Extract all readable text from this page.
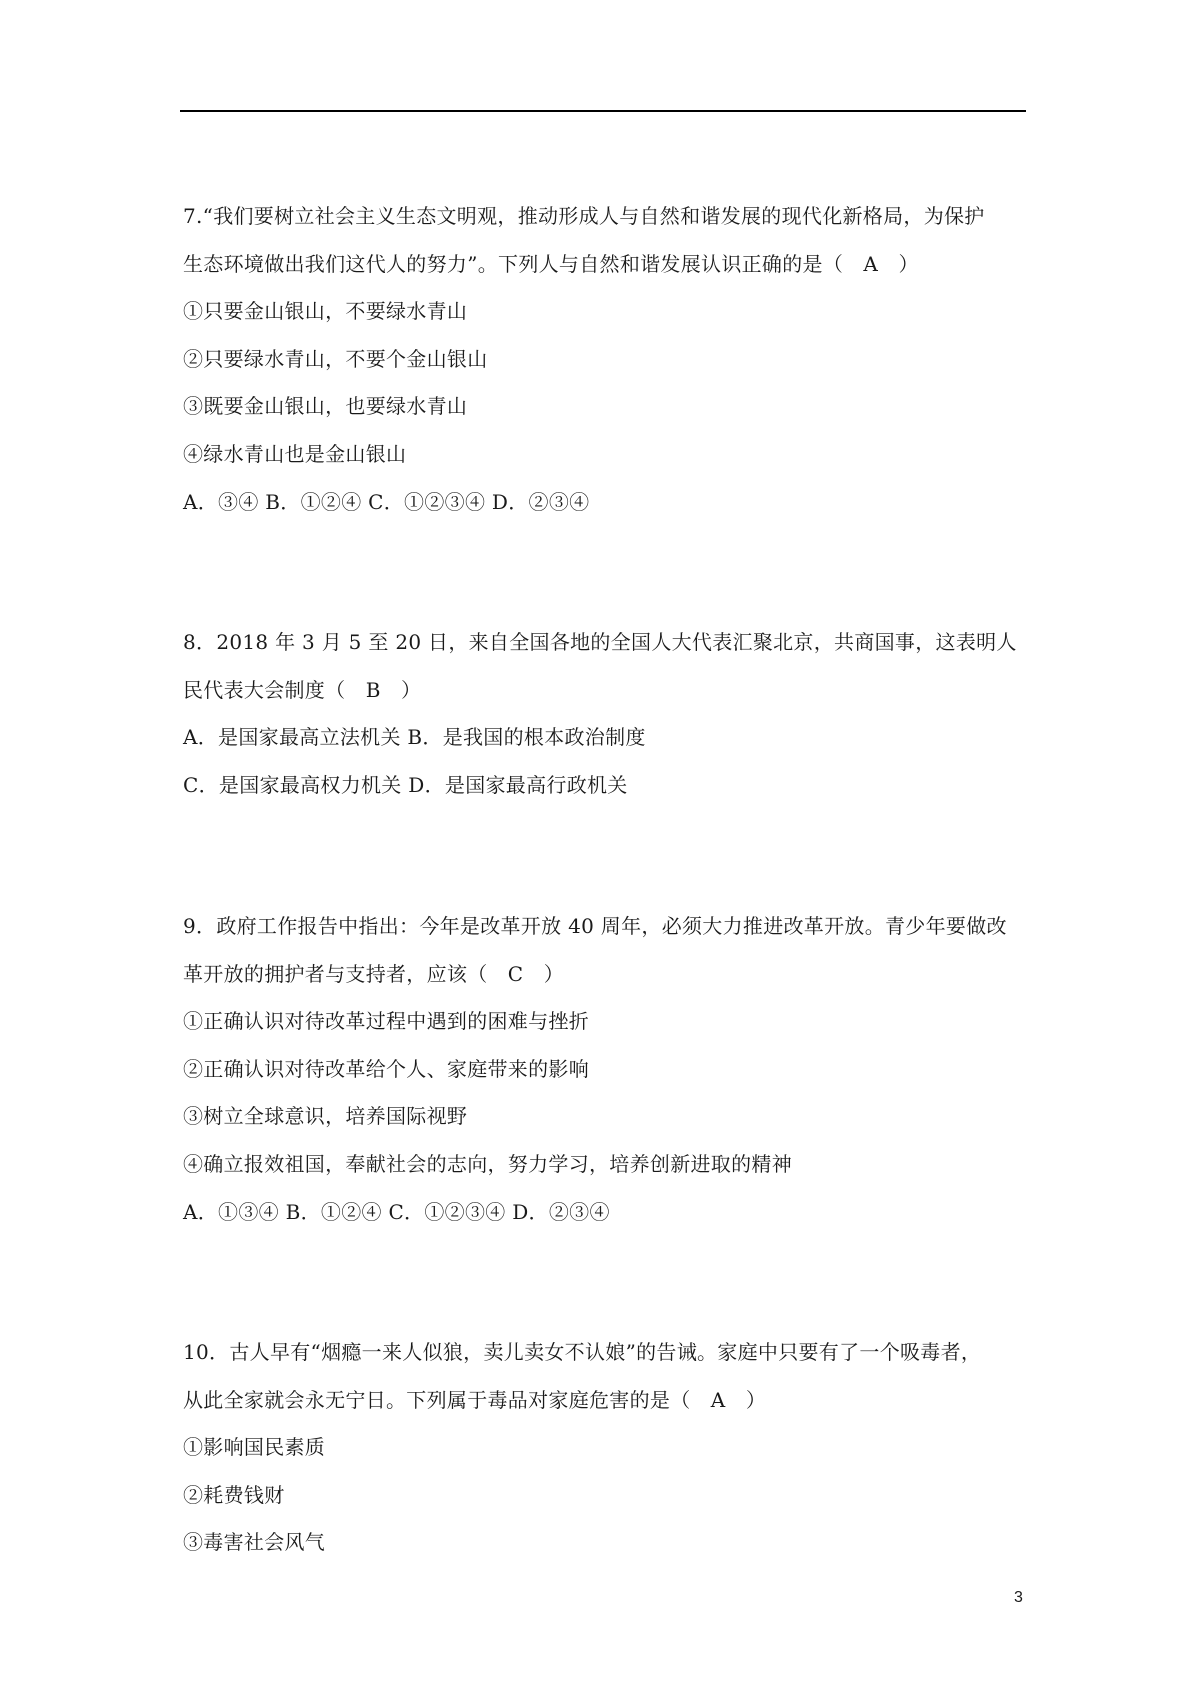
7.“我们要树立社会主义生态文明观，推动形成人与自然和谐发展的现代化新格局，为保护
生态环境做出我们这代人的努力”。下列人与自然和谐发展认识正确的是（　A　）
①只要金山银山，不要绿水青山
②只要绿水青山，不要个金山银山
③既要金山银山，也要绿水青山
④绿水青山也是金山银山
A．③④ B．①②④ C．①②③④ D．②③④
8．2018 年 3 月 5 至 20 日，来自全国各地的全国人大代表汇聚北京，共商国事，这表明人
民代表大会制度（　B　）
A．是国家最高立法机关 B．是我国的根本政治制度
C．是国家最高权力机关 D．是国家最高行政机关
9．政府工作报告中指出：今年是改革开放 40 周年，必须大力推进改革开放。青少年要做改
革开放的拥护者与支持者，应该（　C　）
①正确认识对待改革过程中遇到的困难与挫折
②正确认识对待改革给个人、家庭带来的影响
③树立全球意识，培养国际视野
④确立报效祖国，奉献社会的志向，努力学习，培养创新进取的精神
A．①③④ B．①②④ C．①②③④ D．②③④
10．古人早有“烟瘾一来人似狼，卖儿卖女不认娘”的告诫。家庭中只要有了一个吸毒者，
从此全家就会永无宁日。下列属于毒品对家庭危害的是（　A　）
①影响国民素质
②耗费钱财
③毒害社会风气
3
